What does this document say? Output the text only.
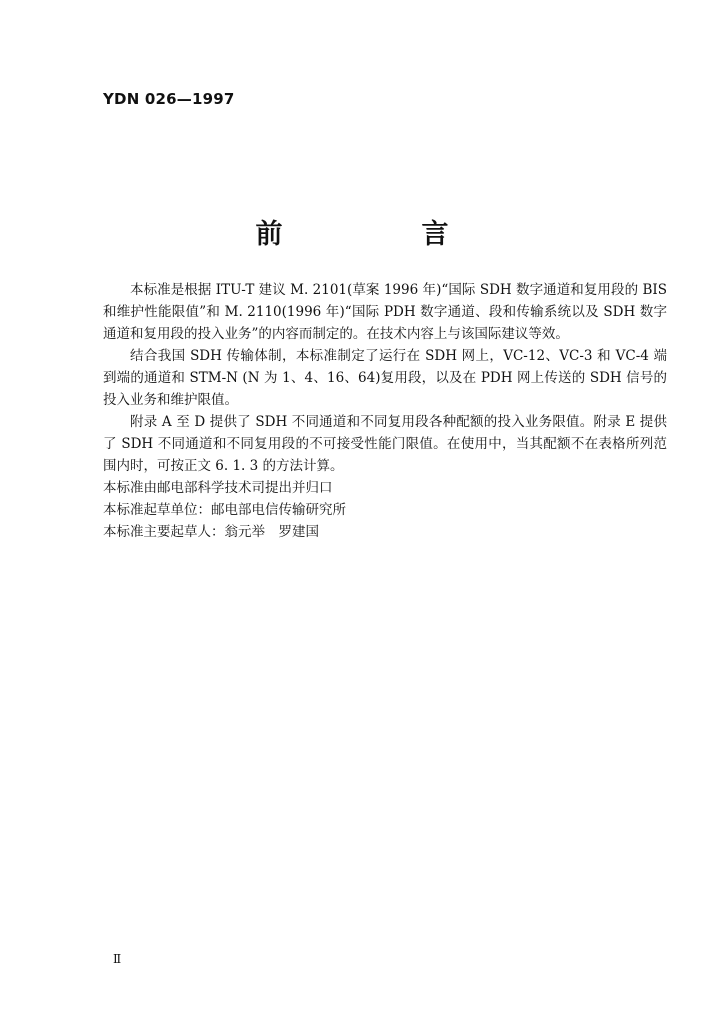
YDN 026—1997
前　言

本标准是根据 ITU-T 建议 M. 2101(草案 1996 年)“国际 SDH 数字通道和复用段的 BIS 和维护性能限值”和 M. 2110(1996 年)“国际 PDH 数字通道、段和传输系统以及 SDH 数字通道和复用段的投入业务”的内容而制定的。在技术内容上与该国际建议等效。

结合我国 SDH 传输体制，本标准制定了运行在 SDH 网上，VC-12、VC-3 和 VC-4 端到端的通道和 STM-N (N 为 1、4、16、64)复用段，以及在 PDH 网上传送的 SDH 信号的投入业务和维护限值。

附录 A 至 D 提供了 SDH 不同通道和不同复用段各种配额的投入业务限值。附录 E 提供了 SDH 不同通道和不同复用段的不可接受性能门限值。在使用中，当其配额不在表格所列范围内时，可按正文 6. 1. 3 的方法计算。

本标准由邮电部科学技术司提出并归口

本标准起草单位：邮电部电信传输研究所

本标准主要起草人：翁元举　罗建国

Ⅱ
